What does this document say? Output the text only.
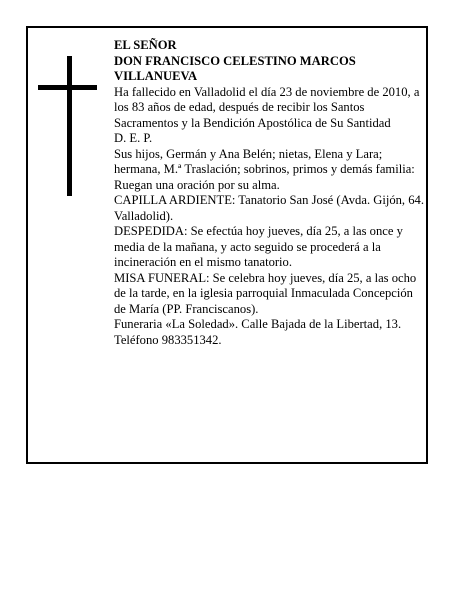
EL SEÑOR

DON FRANCISCO CELESTINO MARCOS VILLANUEVA

Ha fallecido en Valladolid el día 23 de noviembre de 2010, a los 83 años de edad, después de recibir los Santos Sacramentos y la Bendición Apostólica de Su Santidad

D. E. P.

Sus hijos, Germán y Ana Belén; nietas, Elena y Lara; hermana, M.ª Traslación; sobrinos, primos y demás familia:

Ruegan una oración por su alma.

CAPILLA ARDIENTE: Tanatorio San José (Avda. Gijón, 64. Valladolid).

DESPEDIDA: Se efectúa hoy jueves, día 25, a las once y media de la mañana, y acto seguido se procederá a la incineración en el mismo tanatorio.

MISA FUNERAL: Se celebra hoy jueves, día 25, a las ocho de la tarde, en la iglesia parroquial Inmaculada Concepción de María (PP. Franciscanos).

Funeraria «La Soledad». Calle Bajada de la Libertad, 13. Teléfono 983351342.
